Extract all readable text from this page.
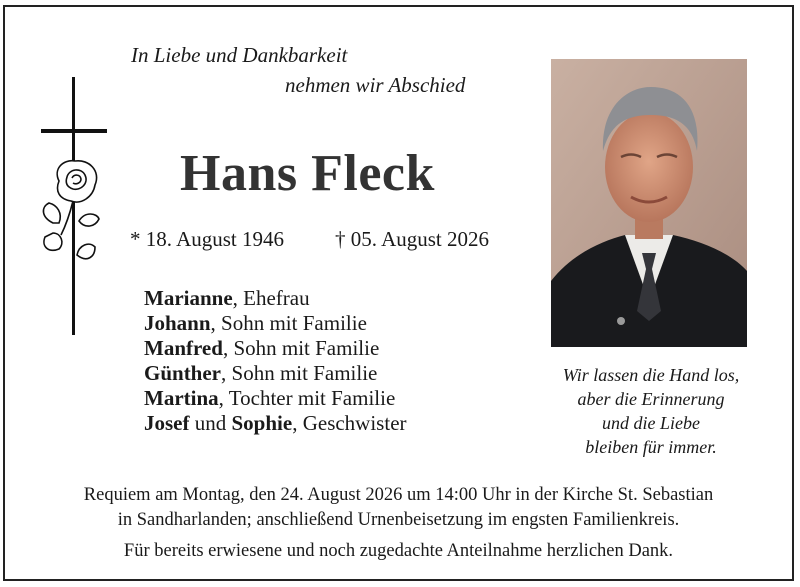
In Liebe und Dankbarkeit
nehmen wir Abschied
Hans Fleck
* 18. August 1946 † 05. August 2026
Marianne, Ehefrau
Johann, Sohn mit Familie
Manfred, Sohn mit Familie
Günther, Sohn mit Familie
Martina, Tochter mit Familie
Josef und Sophie, Geschwister
Wir lassen die Hand los,
aber die Erinnerung
und die Liebe
bleiben für immer.
Requiem am Montag, den 24. August 2026 um 14:00 Uhr in der Kirche St. Sebastian
in Sandharlanden; anschließend Urnenbeisetzung im engsten Familienkreis.
Für bereits erwiesene und noch zugedachte Anteilnahme herzlichen Dank.
